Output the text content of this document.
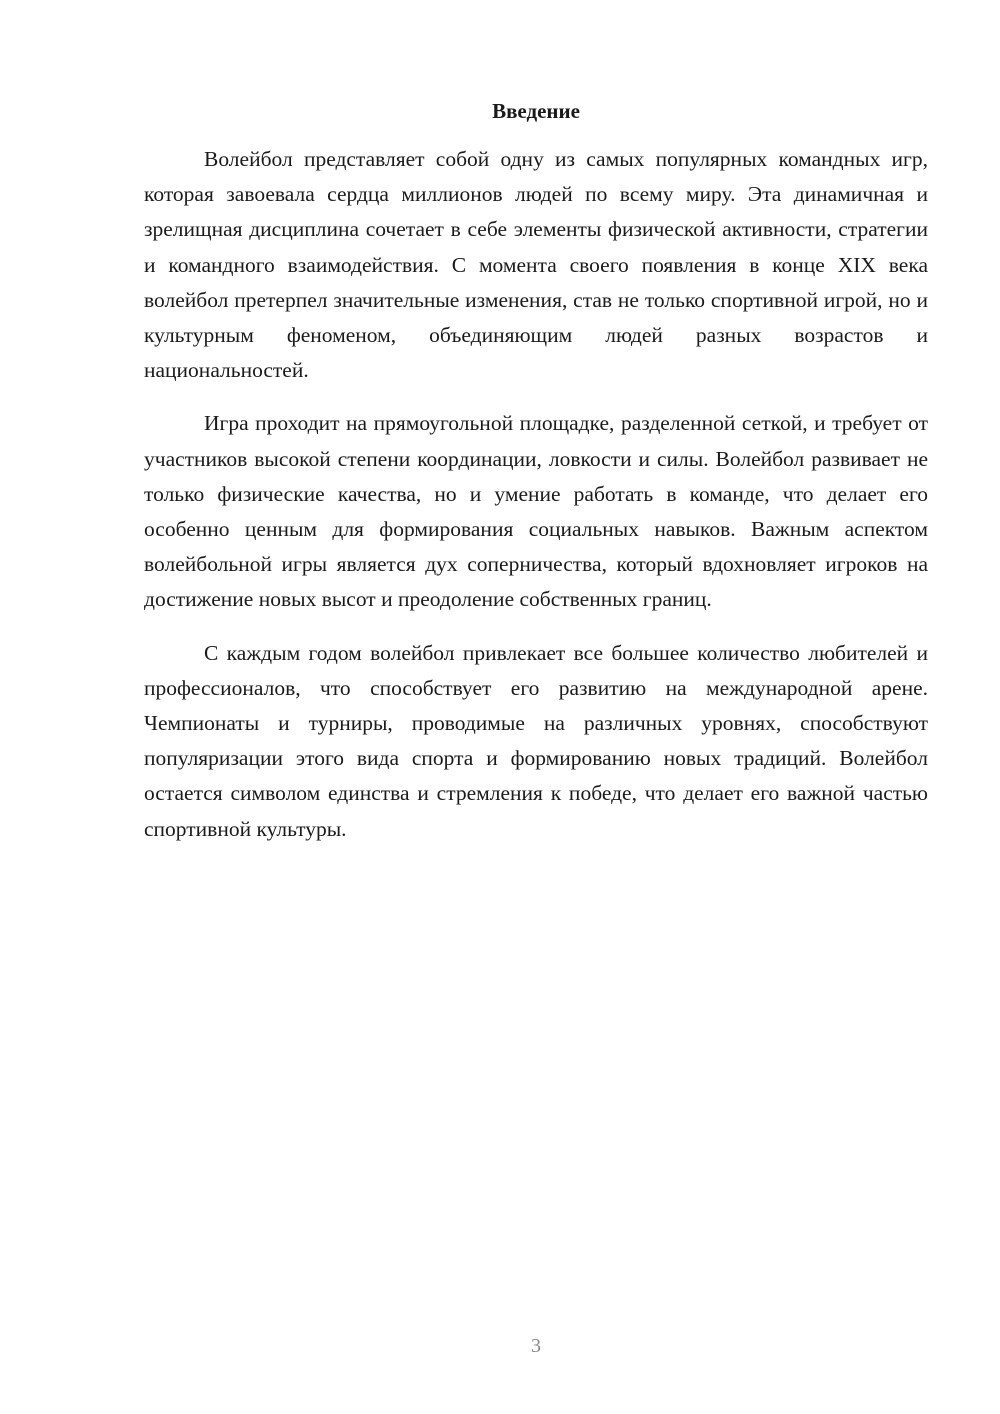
Введение

Волейбол представляет собой одну из самых популярных командных игр, которая завоевала сердца миллионов людей по всему миру. Эта динамичная и зрелищная дисциплина сочетает в себе элементы физической активности, стратегии и командного взаимодействия. С момента своего появления в конце XIX века волейбол претерпел значительные изменения, став не только спортивной игрой, но и культурным феноменом, объединяющим людей разных возрастов и национальностей.

Игра проходит на прямоугольной площадке, разделенной сеткой, и требует от участников высокой степени координации, ловкости и силы. Волейбол развивает не только физические качества, но и умение работать в команде, что делает его особенно ценным для формирования социальных навыков. Важным аспектом волейбольной игры является дух соперничества, который вдохновляет игроков на достижение новых высот и преодоление собственных границ.

С каждым годом волейбол привлекает все большее количество любителей и профессионалов, что способствует его развитию на международной арене. Чемпионаты и турниры, проводимые на различных уровнях, способствуют популяризации этого вида спорта и формированию новых традиций. Волейбол остается символом единства и стремления к победе, что делает его важной частью спортивной культуры.

3
